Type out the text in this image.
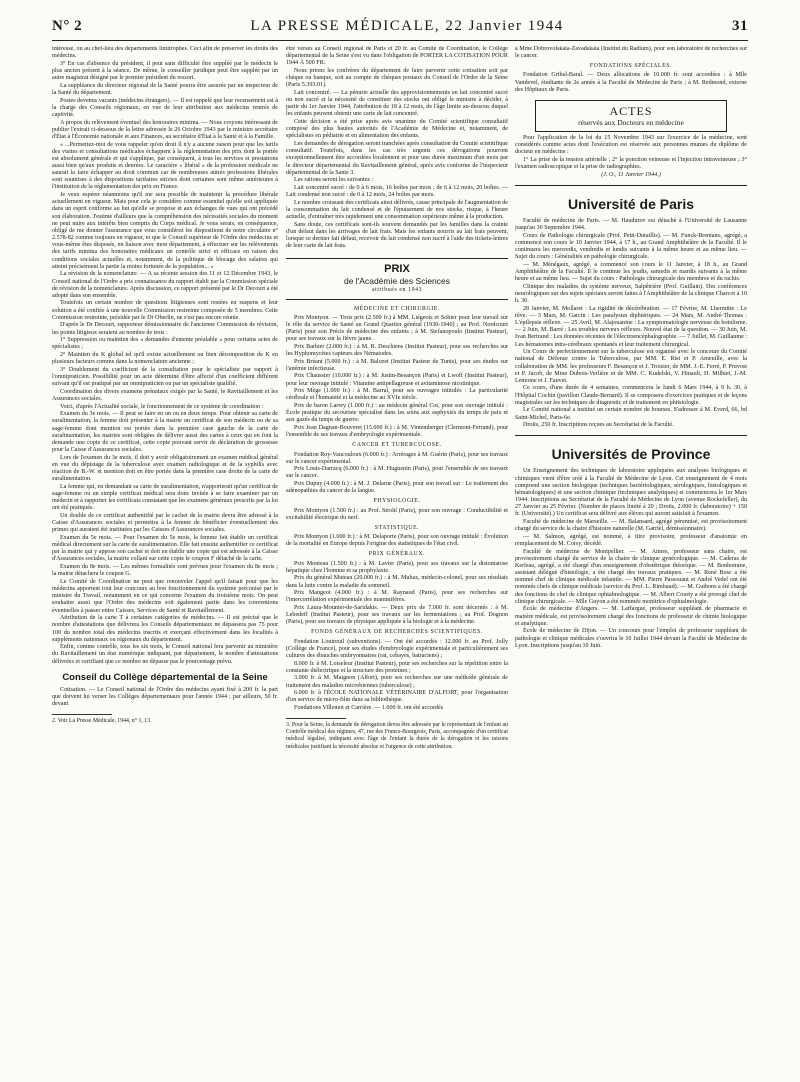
N° 2	LA PRESSE MÉDICALE, 22 Janvier 1944	31

intéressé, ou au chef-lieu des départements limitrophes. Ceci afin de préserver les droits des médecins.

3° En cas d'absence du président, il peut sans difficulté être suppléé par le médecin le plus ancien présent à la séance. De même, le conseiller juridique peut être suppléé par un autre magistrat désigné par le premier président du ressort.

La suppléance du directeur régional de la Santé pourra être assurée par un inspecteur de la Santé du département.

Postes devenus vacants (médecins étrangers). — Il est rappelé que leur recensement est à la charge des Conseils régionaux, en vue de leur attribution aux médecins rentrés de captivité.

A propos du relèvement éventuel des honoraires minima. — Nous croyons intéressant de publier l'extrait ci-dessous de la lettre adressée le 26 Octobre 1943 par le ministre secrétaire d'État à l'Économie nationale et aux Finances, au secrétaire d'État à la Santé et à la Famille.

« ...Permettez-moi de vous rappeler qu'en droit il n'y a aucune raison pour que les tarifs des visites et consultations médicales échappent à la réglementation des prix dont la portée est absolument générale et qui s'applique, par conséquent, à tous les services et prestations aussi bien qu'aux produits et denrées. Le caractère « libéral » de la profession médicale ne saurait la faire échapper au droit commun car de nombreuses autres professions libérales sont soumises à des dispositions tarifaires strictes dont certaines sont même antérieures à l'institution de la réglementation des prix en France.

Je veux espérer néanmoins qu'il me sera possible de maintenir la procédure libérale actuellement en vigueur. Mais pour cela je considère comme essentiel qu'elle soit appliquée dans un esprit conforme au but qu'elle se propose et aux échanges de vues qui ont précédé son élaboration. J'estime d'ailleurs que la compréhension des nécessités sociales du moment ne peut nuire aux intérêts bien compris du Corps médical. Je vous serais, en conséquence, obligé de me donner l'assurance que vous considérez les dispositions de notre circulaire n° 2.578-82 comme toujours en vigueur, et que le Conseil supérieur de l'Ordre des médecins et vous-même êtes disposés, en liaison avec mon département, à effectuer sur les relèvements des tarifs minima des honoraires médicaux un contrôle strict et efficace en raison des conditions sociales actuelles et, notamment, de la politique de blocage des salaires qui atteint précisément la partie la moins fortunée de la population... »

La révision de la nomenclature. — A sa récente session des 11 et 12 Décembre 1943, le Conseil national de l'Ordre a pris connaissance du rapport établi par la Commission spéciale de révision de la nomenclature. Après discussion, ce rapport présenté par le Dr Decourt a été adopté dans son ensemble.

Toutefois un certain nombre de questions litigieuses sont restées en suspens et leur solution a été confiée à une nouvelle Commission restreinte composée de 5 membres. Cette Commission restreinte, présidée par le Dr Oberlin, ne s'est pas encore réunie.

D'après le Dr Decourt, rapporteur démissionnaire de l'ancienne Commission de révision, les points litigieux seraient au nombre de trois :

1° Suppression ou maintien des « demandes d'entente préalable » pour certains actes de spécialistes ;

2° Maintien du K global tel qu'il existe actuellement ou bien décomposition de K en plusieurs facteurs comme dans la nomenclature ancienne ;

3° Doublement du coefficient de la consultation pour le spécialiste par rapport à l'omnipraticien. Possibilité pour un acte déterminé d'être affecté d'un coefficient différent suivant qu'il est pratiqué par un omnipraticien ou par un spécialiste qualifié.

Coordination des divers examens prénataux exigés par la Santé, le Ravitaillement et les Assurances sociales.

Voici, d'après l'Actualité sociale, le fonctionnement de ce système de coordination :

Examen du 3e mois. — Il peut se faire en un ou en deux temps. Pour obtenir sa carte de suralimentation, la femme doit présenter à la mairie un certificat de son médecin ou de sa sage-femme dont mention est portée dans la première case gauche de la carte de suralimentation, les mairies sont obligées de délivrer aussi des cartes à ceux qui en font la demande une copie de ce certificat, cette copie pouvant servir de déclaration de grossesse pour la Caisse d'Assurances sociales.

Lors de l'examen du 3e mois, il doit y avoir obligatoirement un examen médical général en vue du dépistage de la tuberculose avec examen radiologique et de la syphilis avec réaction de B.-W. et mention doit en être portée dans la première case droite de la carte de suralimentation.

La femme qui, en demandant sa carte de suralimentation, n'apporterait qu'un certificat de sage-femme ou un simple certificat médical sera donc invitée à se faire examiner par un médecin et à rapporter les certificats constatant que les examens généraux prescrits par la loi ont été pratiqués.

Un double de ce certificat authentifié par le cachet de la mairie devra être adressé à la Caisse d'Assurances sociales et permettra à la femme de bénéficier éventuellement des primes qui auraient été instituées par les Caisses d'Assurances sociales.

Examen du 5e mois. — Pour l'examen du 5e mois, la femme fait établir un certificat médical directement sur la carte de suralimentation. Elle fait ensuite authentifier ce certificat par la mairie qui y appose son cachet et doit en établir une copie qui est adressée à la Caisse d'Assurances sociales, la mairie collant sur cette copie le coupon F détaché de la carte.

Examen du 8e mois. — Les mêmes formalités sont prévues pour l'examen du 8e mois ; la mairie détachera le coupon G.

Le Comité de Coordination ne peut que renouveler l'appel qu'il faisait pour que les médecins apportent tout leur concours au bon fonctionnement du système préconisé par le ministre du Travail, notamment en ce qui concerne l'examen du troisième mois. On peut souhaiter aussi que l'Ordre des médecins soit également partie dans les conventions éventuelles à passer entre Caisses, Services de Santé et Ravitaillement.

Attribution de la carte T à certaines catégories de médecins. — Il est précisé que le nombre d'attestations que délivrera les Conseils départementaux ne dépassera pas 75 pour 100 du nombre total des médecins inscrits et exerçant effectivement dans les localités à suppléments nationaux ou régionaux du département.

Enfin, comme contrôle, tous les six mois, le Conseil national fera parvenir au ministère du Ravitaillement un état numérique indiquant, par département, le nombre d'attestations délivrées et certifiant que ce nombre ne dépasse pas le pourcentage prévu.

Conseil du Collège départemental de la Seine

Cotisation. — Le Conseil national de l'Ordre des médecins ayant fixé à 200 fr. la part que doivent lui verser les Collèges départementaux pour l'année 1944 ; par ailleurs, 50 fr. devant

2. Voir La Presse Médicale, 1944, n° 1, 13.

être versés au Conseil régional de Paris et 20 fr. au Comité de Coordination, le Collège départemental de la Seine s'est vu dans l'obligation de PORTER LA COTISATION POUR 1944 À 500 FR.

Nous prions les confrères du département de faire parvenir cette cotisation soit par chèque ou banque, soit au compte de chèques postaux du Conseil de l'Ordre de la Seine (Paris 5.393.01).

Lait concentré. — La pénurie actuelle des approvisionnements en lait concentré sucré ou non sucré et la nécessité de constituer des stocks ont obligé le ministre à décider, à partir du 1er Janvier 1944, l'attribution de 18 à 12 mois, de l'âge limite au-dessous duquel les enfants peuvent obtenir une carte de lait concentré.

Cette décision a été prise après avis unanime du Comité scientifique consultatif composé des plus hautes autorités de l'Académie de Médecine et, notamment, de spécialistes en pédiatrie et en alimentation des enfants.

Les demandes de dérogation seront tranchées après consultation du Comité scientifique consultatif. Toutefois, dans les cas très urgents ces dérogations pourront exceptionnellement être accordées localement et pour une durée maximum d'un mois par le directeur départemental du Ravitaillement général, après avis conforme de l'inspecteur départemental de la Santé 3.

Les rations seront les suivantes :

Lait concentré sucré : de 0 à 6 mois, 16 boîtes par mois ; de 6 à 12 mois, 20 boîtes. — Lait condensé non sucré : de 0 à 12 mois, 24 boîtes par mois.

Le nombre croissant des certificats ainsi délivrés, cause principale de l'augmentation de la consommation du lait condensé et de l'épuisement de nos stocks, risque, à l'heure actuelle, d'entraîner très rapidement une consommation supérieure même à la production.

Sans doute, ces certificats sont-ils souvent demandés par les familles dans la crainte d'un défaut dans les arrivages de lait frais. Mais les enfants nourris au lait frais peuvent, lorsque ce dernier fait défaut, recevoir du lait condensé non sucré à l'aide des tickets-lettres de leur carte de lait frais.

PRIX
de l'Académie des Sciences
attribués en 1943
MÉDECINE ET CHIRURGIE.

Prix Montyon. — Trois prix (2.500 fr.) à MM. Liégeois et Sohier pour leur travail sur le rôle du service de Santé au Grand Quartier général (1930-1940) ; au Prof. Nordcourt (Paris) pour son Précis de médecine des enfants ; à M. Stefanopoulo (Institut Pasteur), pour ses travaux sur la fièvre jaune.

Prix Barbier (2.000 fr.) : à M. R. Deschiens (Institut Pasteur), pour ses recherches sur les Hyphomycètes capteurs des Nématodes.

Prix Bréant (5.000 fr.) : à M. Balozet (Institut Pasteur de Tunis), pour ses études sur l'anémie infectieuse.

Prix Chaussier (10.000 fr.) : à M. Justin-Besançon (Paris) et Lwoff (Institut Pasteur), pour leur ouvrage intitulé : Vitamine antipellagreuse et avitaminose nicotinique.

Prix Mège (1.000 fr.) : à M. Barral, pour ses ouvrages intitulés : La particularité cérébrale et l'humanité et la médecine au XVIe siècle.

Prix de baron Larrey (1.000 fr.) : au médecin général Cot, pour son ouvrage intitulé : École pratique du secouriste spécialisé dans les soins aux asphyxiés du temps de paix et aux gazés du temps de guerre.

Prix Jean Dagnan-Bouveret (15.000 fr.) : à M. Vintemberger (Clermont-Ferrand), pour l'ensemble de ses travaux d'embryologie expérimentale.

CANCER ET TUBERCULOSE.

Fondation Roy-Vaucouloux (6.000 fr.) : Arrérages à M. Guérin (Paris), pour ses travaux sur le cancer expérimental.

Prix Louis-Darracq (6.000 fr.) : à M. Huguenin (Paris), pour l'ensemble de ses travaux sur le cancer.

Prix Dupuy (4.000 fr.) : à M. J. Delarue (Paris), pour son travail sur : Le traitement des adénopathies du cancer de la langue.

PHYSIOLOGIE.

Prix Montyon (1.500 fr.) : au Prof. Strohl (Paris), pour son ouvrage : Conductibilité et excitabilité électrique du nerf.

STATISTIQUE.

Prix Montyon (1.000 fr.) : à M. Delaporte (Paris), pour son ouvrage intitulé : Évolution de la mortalité en Europe depuis l'origine des statistiques de l'état civil.

PRIX GÉNÉRAUX.

Prix Monteau (1.500 fr.) : à M. Lavier (Paris), pour ses travaux sur la distomatose hépatique chez l'homme et sa prophylaxie.

Prix du général Muteau (20.000 fr.) : à M. Mubaz, médecin-colonel, pour ses résultats dans la lutte contre la maladie du sommeil.

Prix Mangeot (4.000 fr.) : à M. Raynaud (Paris), pour ses recherches sur l'intercorrélation expérimentale des mammifères.

Prix Laura-Mounier-de-Saridakis. — Deux prix de 7.000 fr. sont décernés : à M. Lebedeff (Institut Pasteur), pour ses travaux sur les fermentations ; au Prof. Dognon (Paris), pour ses travaux de physique appliquée à la biologie et à la médecine.

FONDS GÉNÉRAUX DE RECHERCHES SCIENTIFIQUES.

Fondation Loutreuil (subventions). — Ont été accordés : 12.000 fr. au Prof. Jolly (Collège de France), pour ses études d'embryologie expérimentale et particulièrement ses cultures des ébauches embryonnaires (rat, cobayes, batraciens) ;

8.000 fr. à M. Loiseleur (Institut Pasteur), pour ses recherches sur la répétition entre la constante diélectrique et la structure des protéines ;

3.000 fr. à M. Maignon (Alfort), pour ses recherches sur une méthode générale de traitement des maladies microbiennes (tuberculose) ;

6.000 fr. à l'ÉCOLE NATIONALE VÉTÉRINAIRE D'ALFORT, pour l'organisation d'un service de micro-film dans sa bibliothèque.

Fondations Villemot et Carrière. — 1.000 fr. ont été accordés

3. Pour la Seine, la demande de dérogation devra être adressée par le représentant de l'enfant au Contrôle médical des régimes, 47, rue des Francs-Bourgeois, Paris, accompagnée d'un certificat médical légalisé, indiquant avec l'âge de l'enfant la durée de la dérogation et les raisons médicales justifiant la nécessité absolue et l'urgence de cette attribution.

à Mme Dobrovolskaia-Zavadskaia (Institut du Radium), pour son laboratoire de recherches sur le cancer.

FONDATIONS SPÉCIALES.

Fondation Gribal-Baral. — Deux allocations de 10.000 fr. sont accordées : à Mlle Vandevel, étudiante de 2e année à la Faculté de Médecine de Paris ; à M. Redmond, externe des Hôpitaux de Paris.

ACTES
réservés aux Docteurs en médecine

Pour l'application de la loi du 15 Novembre 1943 sur l'exercice de la médecine, sont considérés comme actes dont l'exécution est réservée aux personnes munies du diplôme de docteur en médecine :

1° La prise de la tension artérielle ; 2° la ponction veineuse et l'injection intraveineuse ; 3° l'examen radioscopique et la prise de radiographies.

(J. O., 11 Janvier 1944.)

Université de Paris

Faculté de médecine de Paris. — M. Haudurov est détaché à l'Université de Lausanne jusqu'au 30 Septembre 1944.

Cours de Pathologie chirurgicale (Prof. Petit-Dutaillis). — M. Funck-Brentano, agrégé, a commencé son cours le 10 Janvier 1944, à 17 h., au Grand Amphithéâtre de la Faculté. Il le continuera les mercredis, vendredis et lundis suivants à la même heure et au même lieu. — Sujet du cours : Généralités en pathologie chirurgicale.

— M. Ménégaux, agrégé, a commencé son cours le 11 Janvier, à 18 h., au Grand Amphithéâtre de la Faculté. Il le continue les jeudis, samedis et mardis suivants à la même heure et au même lieu. — Sujet du cours : Pathologie chirurgicale des membres et du rachis.

Clinique des maladies du système nerveux, Salpêtrière (Prof. Guillain). Des conférences neurologiques sur des sujets spéciaux seront faites à l'Amphithéâtre de la clinique Charcot à 10 h. 30.

28 Janvier, M. Mollaret : La rigidité de décérébration. — 17 Février, M. Lhermitte : Le rêve. — 3 Mars, M. Garcin : Les paralysies diphtériques. — 24 Mars, M. André-Thomas : L'épilepsie réflexe. — 25 Avril, M. Alajouanine : La symptomatologie nerveuse du botulisme. — 2 Juin, M. Barré : Les troubles nerveux réflexes. Nouvel état de la question. — 30 Juin, M. Ivan Bertrand : Les données récentes de l'électroencéphalographie. — 7 Juillet, M. Guillaume : Les hématomes intra-cérébraux spontanés et leur traitement chirurgical.

Un Cours de perfectionnement sur la tuberculose est organisé avec le concours du Comité national de Défense contre la Tuberculose, par MM. E. Rist et P. Ameuille, avec la collaboration de MM. les professeurs F. Besançon et J. Troisier, de MM. J.-E. Ferré, P. Pruvost et P. Jacob, de Mme Dubois-Verlière et de MM. C. Kudelski, V. Hinault, H. Milhiet, J.-M. Lemoine et J. Fauvet.

Ce cours, d'une durée de 4 semaines, commencera le lundi 6 Mars 1944, à 9 h. 30, à l'Hôpital Cochin (pavillon Claude-Bernard). Il se composera d'exercices pratiques et de leçons magistrales sur les techniques de diagnostic et de traitement en phtisiologie.

Le Comité national a institué un certain nombre de bourses. S'adresser à M. Everd, 66, bd Saint-Michel, Paris-6e.

Droits, 250 fr. Inscriptions reçues au Secrétariat de la Faculté.

Universités de Province

Un Enseignement des techniques de laboratoire appliquées aux analyses biologiques et chimiques vient d'être créé à la Faculté de Médecine de Lyon. Cet enseignement de 4 mois comprend une section biologique (techniques bactériologiques, sérologiques, histologiques et hématologiques) et une section chimique (techniques analytiques) et commencera le 1er Mars 1944. Inscriptions au Secrétariat de la Faculté de Médecine de Lyon (avenue Rockefeller), du 27 Janvier au 25 Février. (Nombre de places limité à 20 ; Droits, 2.000 fr. (laboratoire) + 150 fr. (Université).) Un certificat sera délivré aux élèves qui auront satisfait à l'examen.

Faculté de médecine de Marseille. — M. Balansard, agrégé pérennisé, est provisoirement chargé du service de la chaire d'histoire naturelle (M. Garriel, démissionnaire).

— M. Salmon, agrégé, est nommé, à titre provisoire, professeur d'anatomie en remplacement de M. Corsy, décédé.

Faculté de médecine de Montpellier. — M. Aimes, professeur sans chaire, est provisoirement chargé du service de la chaire de clinique gynécologique. — M. Caderas de Kerleau, agrégé, a été chargé d'un enseignement d'obstétrique théorique. — M. Bonhomme, assistant délégué d'histologie, a été chargé des travaux pratiques. — M. René Bosc a été nommé chef de clinique médicale infantile. — MM. Pierre Passouant et André Vedel ont été nommés chefs de clinique médicale (service du Prof. L. Rimbaud). — M. Guibons a été chargé des fonctions de chef de clinique ophtalmologique. — M. Albert Courty a été prorogé chef de clinique chirurgicale. — Mlle Guyon a été nommée monitrice d'ophtalmologie.

École de médecine d'Angers. — M. Laffargue, professeur suppléant de pharmacie et matière médicale, est provisoirement chargé des fonctions de professeur de chimie biologique et analytique.

École de médecine de Dijon. — Un concours pour l'emploi de professeur suppléant de pathologie et clinique médicales s'ouvrira le 10 Juillet 1944 devant la Faculté de Médecine de Lyon. Inscriptions jusqu'au 10 Juin.
